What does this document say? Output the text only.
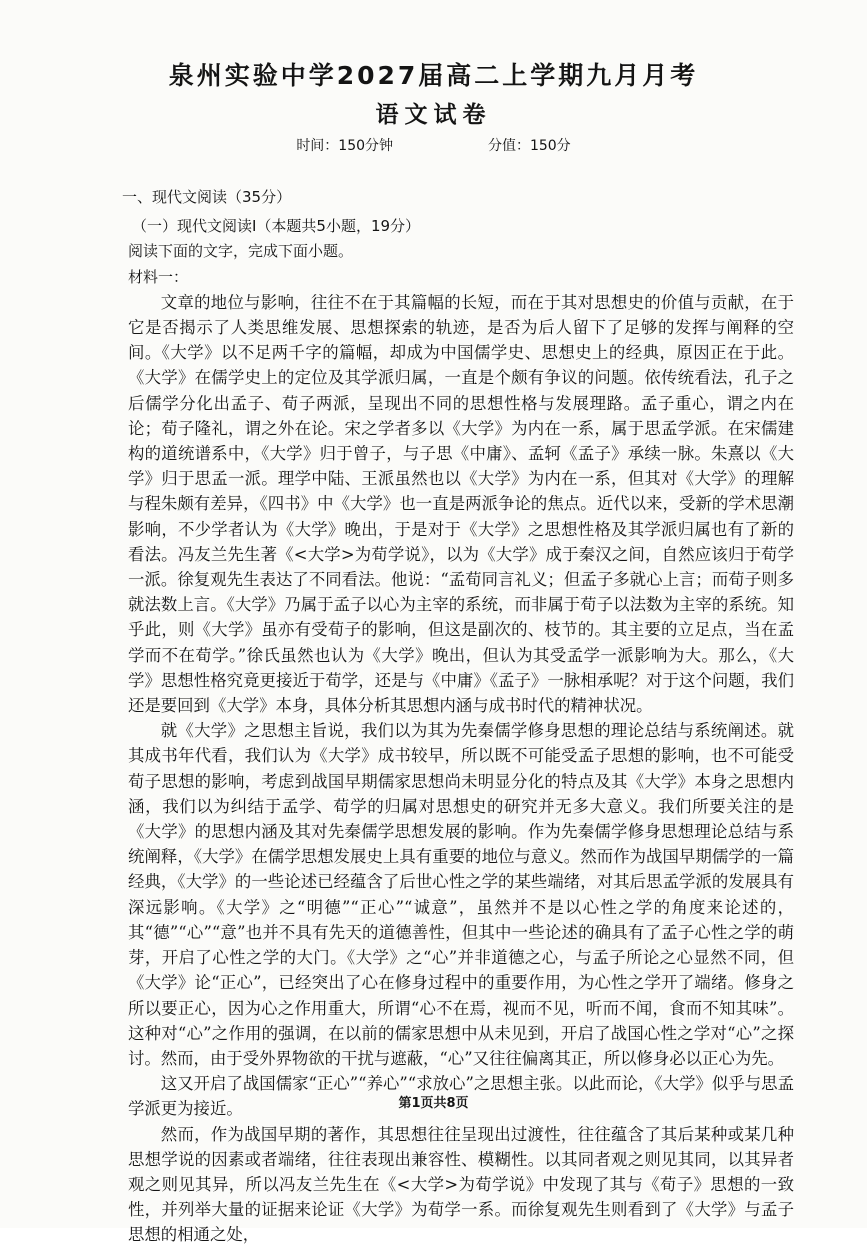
泉州实验中学2027届高二上学期九月月考
语文试卷
时间：150分钟	分值：150分

一、现代文阅读（35分）

（一）现代文阅读Ⅰ（本题共5小题，19分）

阅读下面的文字，完成下面小题。

材料一：

文章的地位与影响，往往不在于其篇幅的长短，而在于其对思想史的价值与贡献，在于它是否揭示了人类思维发展、思想探索的轨迹，是否为后人留下了足够的发挥与阐释的空间。《大学》以不足两千字的篇幅，却成为中国儒学史、思想史上的经典，原因正在于此。《大学》在儒学史上的定位及其学派归属，一直是个颇有争议的问题。依传统看法，孔子之后儒学分化出孟子、荀子两派，呈现出不同的思想性格与发展理路。孟子重心，谓之内在论；荀子隆礼，谓之外在论。宋之学者多以《大学》为内在一系，属于思孟学派。在宋儒建构的道统谱系中，《大学》归于曾子，与子思《中庸》、孟轲《孟子》承续一脉。朱熹以《大学》归于思孟一派。理学中陆、王派虽然也以《大学》为内在一系，但其对《大学》的理解与程朱颇有差异，《四书》中《大学》也一直是两派争论的焦点。近代以来，受新的学术思潮影响，不少学者认为《大学》晚出，于是对于《大学》之思想性格及其学派归属也有了新的看法。冯友兰先生著《<大学>为荀学说》，以为《大学》成于秦汉之间，自然应该归于荀学一派。徐复观先生表达了不同看法。他说：“孟荀同言礼义；但孟子多就心上言；而荀子则多就法数上言。《大学》乃属于孟子以心为主宰的系统，而非属于荀子以法数为主宰的系统。知乎此，则《大学》虽亦有受荀子的影响，但这是副次的、枝节的。其主要的立足点，当在孟学而不在荀学。”徐氏虽然也认为《大学》晚出，但认为其受孟学一派影响为大。那么，《大学》思想性格究竟更接近于荀学，还是与《中庸》《孟子》一脉相承呢？对于这个问题，我们还是要回到《大学》本身，具体分析其思想内涵与成书时代的精神状况。

就《大学》之思想主旨说，我们以为其为先秦儒学修身思想的理论总结与系统阐述。就其成书年代看，我们认为《大学》成书较早，所以既不可能受孟子思想的影响，也不可能受荀子思想的影响，考虑到战国早期儒家思想尚未明显分化的特点及其《大学》本身之思想内涵，我们以为纠结于孟学、荀学的归属对思想史的研究并无多大意义。我们所要关注的是《大学》的思想内涵及其对先秦儒学思想发展的影响。作为先秦儒学修身思想理论总结与系统阐释，《大学》在儒学思想发展史上具有重要的地位与意义。然而作为战国早期儒学的一篇经典，《大学》的一些论述已经蕴含了后世心性之学的某些端绪，对其后思孟学派的发展具有深远影响。《大学》之“明德”“正心”“诚意”，虽然并不是以心性之学的角度来论述的，其“德”“心”“意”也并不具有先天的道德善性，但其中一些论述的确具有了孟子心性之学的萌芽，开启了心性之学的大门。《大学》之“心”并非道德之心，与孟子所论之心显然不同，但《大学》论“正心”，已经突出了心在修身过程中的重要作用，为心性之学开了端绪。修身之所以要正心，因为心之作用重大，所谓“心不在焉，视而不见，听而不闻，食而不知其味”。这种对“心”之作用的强调，在以前的儒家思想中从未见到，开启了战国心性之学对“心”之探讨。然而，由于受外界物欲的干扰与遮蔽，“心”又往往偏离其正，所以修身必以正心为先。

这又开启了战国儒家“正心”“养心”“求放心”之思想主张。以此而论，《大学》似乎与思孟学派更为接近。

然而，作为战国早期的著作，其思想往往呈现出过渡性，往往蕴含了其后某种或某几种思想学说的因素或者端绪，往往表现出兼容性、模糊性。以其同者观之则见其同，以其异者观之则见其异，所以冯友兰先生在《<大学>为荀学说》中发现了其与《荀子》思想的一致性，并列举大量的证据来论证《大学》为荀学一系。而徐复观先生则看到了《大学》与孟子思想的相通之处，

第1页共8页
